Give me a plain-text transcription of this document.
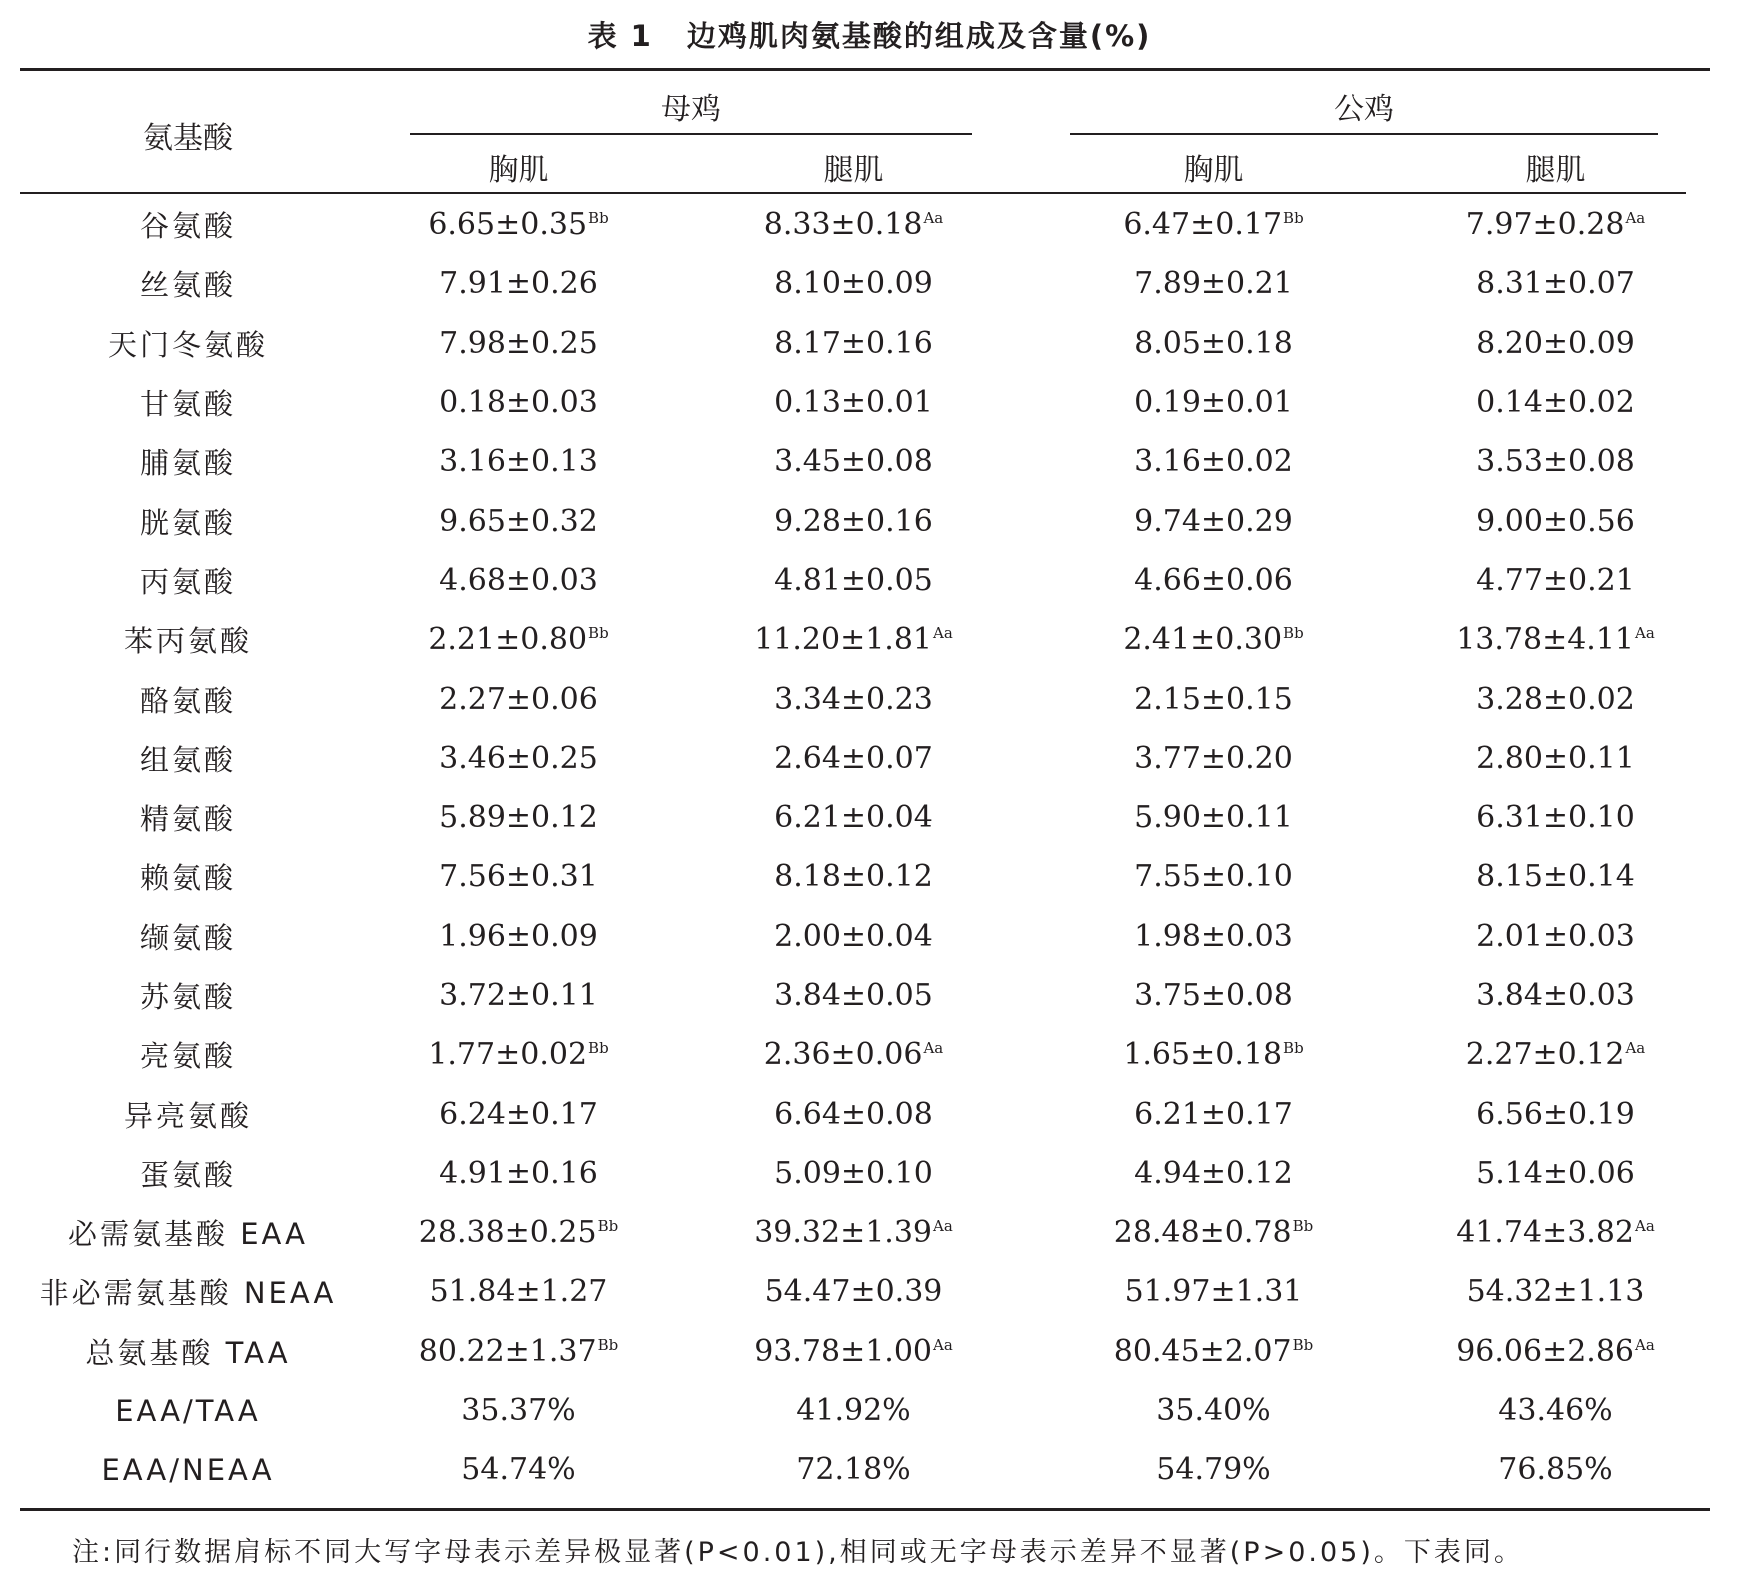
表 1 边鸡肌肉氨基酸的组成及含量(%)
氨基酸
母鸡	公鸡
胸肌	腿肌	胸肌	腿肌
谷氨酸	$6.65\pm 0.35^{Bb}$	$8.33\pm 0.18^{Aa}$	$6.47\pm 0.17^{Bb}$	$7.97\pm 0.28^{Aa}$
丝氨酸	7.91±0.26	8.10±0.09	7.89±0.21	8.31±0.07
天门冬氨酸	7.98±0.25	8.17±0.16	8.05±0.18	8.20±0.09
甘氨酸	0.18±0.03	0.13±0.01	0.19±0.01	0.14±0.02
脯氨酸	3.16±0.13	3.45±0.08	3.16±0.02	3.53±0.08
胱氨酸	9.65±0.32	9.28±0.16	9.74±0.29	9.00±0.56
丙氨酸	4.68±0.03	4.81±0.05	4.66±0.06	4.77±0.21
苯丙氨酸	$2.21\pm 0.80^{Bb}$	$11.20\pm 1.81^{Aa}$	$2.41\pm 0.30^{Bb}$	$13.78\pm 4.11^{Aa}$
酪氨酸	2.27±0.06	3.34±0.23	2.15±0.15	3.28±0.02
组氨酸	3.46±0.25	2.64±0.07	3.77±0.20	2.80±0.11
精氨酸	5.89±0.12	6.21±0.04	5.90±0.11	6.31±0.10
赖氨酸	7.56±0.31	8.18±0.12	7.55±0.10	8.15±0.14
缬氨酸	1.96±0.09	2.00±0.04	1.98±0.03	2.01±0.03
苏氨酸	3.72±0.11	3.84±0.05	3.75±0.08	3.84±0.03
亮氨酸	$1.77\pm 0.02^{Bb}$	$2.36\pm 0.06^{Aa}$	$1.65\pm 0.18^{Bb}$	$2.27\pm 0.12^{Aa}$
异亮氨酸	6.24±0.17	6.64±0.08	6.21±0.17	6.56±0.19
蛋氨酸	4.91±0.16	5.09±0.10	4.94±0.12	5.14±0.06
必需氨基酸 EAA	$28.38\pm 0.25^{Bb}$	$39.32\pm 1.39^{Aa}$	$28.48\pm 0.78^{Bb}$	$41.74\pm 3.82^{Aa}$
非必需氨基酸 NEAA	51.84±1.27	54.47±0.39	51.97±1.31	54.32±1.13
总氨基酸 TAA	$80.22\pm 1.37^{Bb}$	$93.78\pm 1.00^{Aa}$	$80.45\pm 2.07^{Bb}$	$96.06\pm 2.86^{Aa}$
EAA/TAA	35.37%	41.92%	35.40%	43.46%
EAA/NEAA	54.74%	72.18%	54.79%	76.85%
注:同行数据肩标不同大写字母表示差异极显著(P<0.01),相同或无字母表示差异不显著(P>0.05)。下表同。
